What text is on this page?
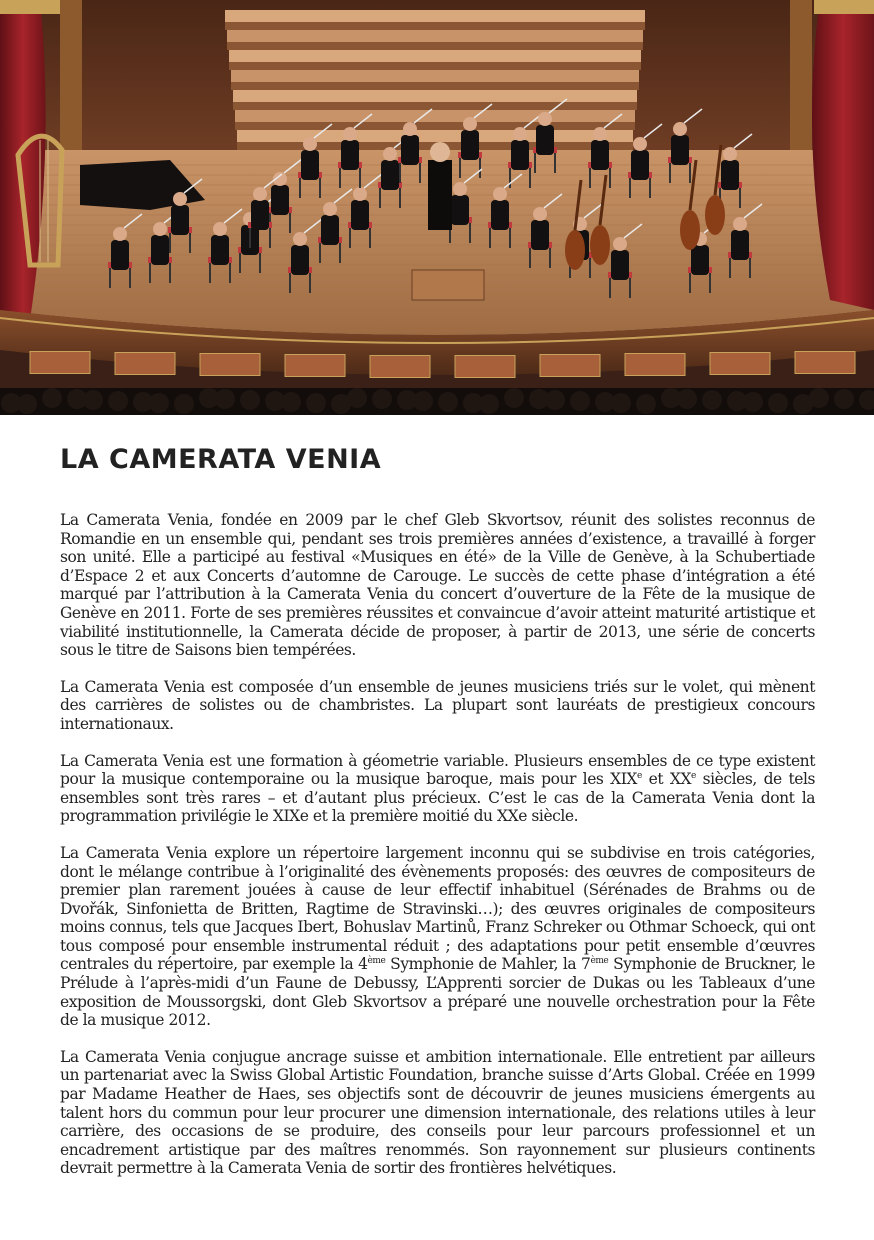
LA CAMERATA VENIA

La Camerata Venia, fondée en 2009 par le chef Gleb Skvortsov, réunit des solistes reconnus de Romandie en un ensemble qui, pendant ses trois premières années d’existence, a travaillé à forger son unité. Elle a participé au festival «Musiques en été» de la Ville de Genève, à la Schubertiade d’Espace 2 et aux Concerts d’automne de Carouge. Le succès de cette phase d’intégration a été marqué par l’attribution à la Camerata Venia du concert d’ouverture de la Fête de la musique de Genève en 2011. Forte de ses premières réussites et convaincue d’avoir atteint maturité artistique et viabilité institutionnelle, la Camerata décide de proposer, à partir de 2013, une série de concerts sous le titre de Saisons bien tempérées.

La Camerata Venia est composée d’un ensemble de jeunes musiciens triés sur le volet, qui mènent des carrières de solistes ou de chambristes. La plupart sont lauréats de prestigieux concours internationaux.

La Camerata Venia est une formation à géometrie variable. Plusieurs ensembles de ce type existent pour la musique contemporaine ou la musique baroque, mais pour les XIXe et XXe siècles, de tels ensembles sont très rares – et d’autant plus précieux. C’est le cas de la Camerata Venia dont la programmation privilégie le XIXe et la première moitié du XXe siècle.

La Camerata Venia explore un répertoire largement inconnu qui se subdivise en trois catégories, dont le mélange contribue à l’originalité des évènements proposés: des œuvres de compositeurs de premier plan rarement jouées à cause de leur effectif inhabituel (Sérénades de Brahms ou de Dvořák, Sinfonietta de Britten, Ragtime de Stravinski…); des œuvres originales de compositeurs moins connus, tels que Jacques Ibert, Bohuslav Martinů, Franz Schreker ou Othmar Schoeck, qui ont tous composé pour ensemble instrumental réduit ; des adaptations pour petit ensemble d’œuvres centrales du répertoire, par exemple la 4ème Symphonie de Mahler, la 7ème Symphonie de Bruckner, le Prélude à l’après-midi d’un Faune de Debussy, L’Apprenti sorcier de Dukas ou les Tableaux d’une exposition de Moussorgski, dont Gleb Skvortsov a préparé une nouvelle orchestration pour la Fête de la musique 2012.

La Camerata Venia conjugue ancrage suisse et ambition internationale. Elle entretient par ailleurs un partenariat avec la Swiss Global Artistic Foundation, branche suisse d’Arts Global. Créée en 1999 par Madame Heather de Haes, ses objectifs sont de découvrir de jeunes musiciens émergents au talent hors du commun pour leur procurer une dimension internationale, des relations utiles à leur carrière, des occasions de se produire, des conseils pour leur parcours professionnel et un encadrement artistique par des maîtres renommés. Son rayonnement sur plusieurs continents devrait permettre à la Camerata Venia de sortir des frontières helvétiques.
